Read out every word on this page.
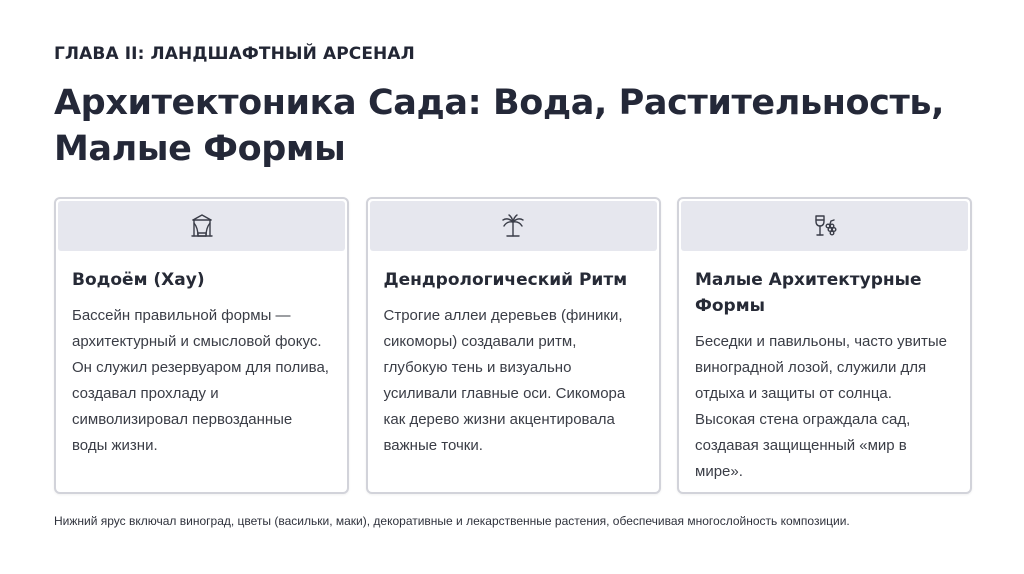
ГЛАВА II: ЛАНДШАФТНЫЙ АРСЕНАЛ
Архитектоника Сада: Вода, Растительность, Малые Формы
Водоём (Хау)
Бассейн правильной формы — архитектурный и смысловой фокус. Он служил резервуаром для полива, создавал прохладу и символизировал первозданные воды жизни.
Дендрологический Ритм
Строгие аллеи деревьев (финики, сикоморы) создавали ритм, глубокую тень и визуально усиливали главные оси. Сикомора как дерево жизни акцентировала важные точки.
Малые Архитектурные Формы
Беседки и павильоны, часто увитые виноградной лозой, служили для отдыха и защиты от солнца. Высокая стена ограждала сад, создавая защищенный «мир в мире».
Нижний ярус включал виноград, цветы (васильки, маки), декоративные и лекарственные растения, обеспечивая многослойность композиции.
